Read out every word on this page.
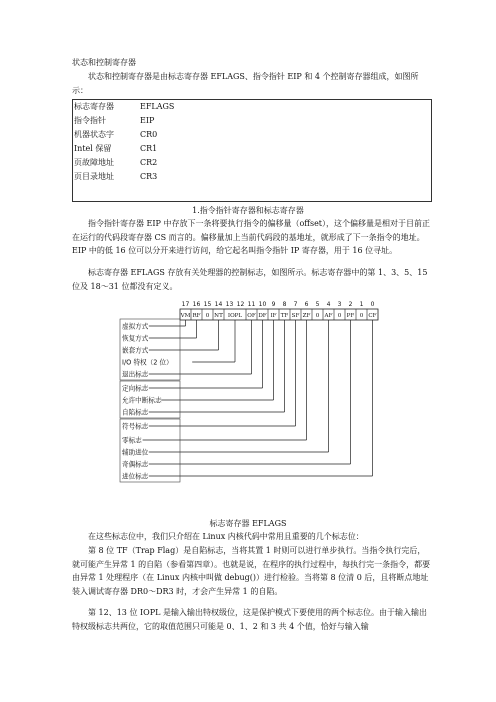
状态和控制寄存器
状态和控制寄存器是由标志寄存器 EFLAGS、指令指针 EIP 和 4 个控制寄存器组成，如图所示：
标志寄存器	EFLAGS
指令指针	EIP
机器状态字	CR0
Intel 保留	CR1
页故障地址	CR2
页目录地址	CR3
1.指令指针寄存器和标志寄存器
指令指针寄存器 EIP 中存放下一条将要执行指令的偏移量（offset），这个偏移量是相对于目前正在运行的代码段寄存器 CS 而言的。偏移量加上当前代码段的基地址，就形成了下一条指令的地址。EIP 中的低 16 位可以分开来进行访问，给它起名叫指令指针 IP 寄存器，用于 16 位寻址。
标志寄存器 EFLAGS 存放有关处理器的控制标志，如图所示。标志寄存器中的第 1、3、5、15 位及 18～31 位都没有定义。
17
VM
16
RF
15
0
14
NT
13 12
IOPL
11
OF
10
DF
9
IF
8
TF
7
SF
6
ZF
5
0
4
AF
3
0
2
PF
1
0
0
CF
虚拟方式
恢复方式
嵌套方式
I/O 特权（2 位）
退出标志
定向标志
允许中断标志
自陷标志
符号标志
零标志
辅助进位
奇偶标志
进位标志
标志寄存器 EFLAGS
在这些标志位中，我们只介绍在 Linux 内核代码中常用且重要的几个标志位：
第 8 位 TF（Trap Flag）是自陷标志，当将其置 1 时则可以进行单步执行。当指令执行完后，就可能产生异常 1 的自陷（参看第四章）。也就是说，在程序的执行过程中，每执行完一条指令，都要由异常 1 处理程序（在 Linux 内核中叫做 debug()）进行检验。当将第 8 位清 0 后，且将断点地址装入调试寄存器 DR0～DR3 时，才会产生异常 1 的自陷。
第 12、13 位 IOPL 是输入输出特权级位，这是保护模式下要使用的两个标志位。由于输入输出特权级标志共两位，它的取值范围只可能是 0、1、2 和 3 共 4 个值，恰好与输入输
